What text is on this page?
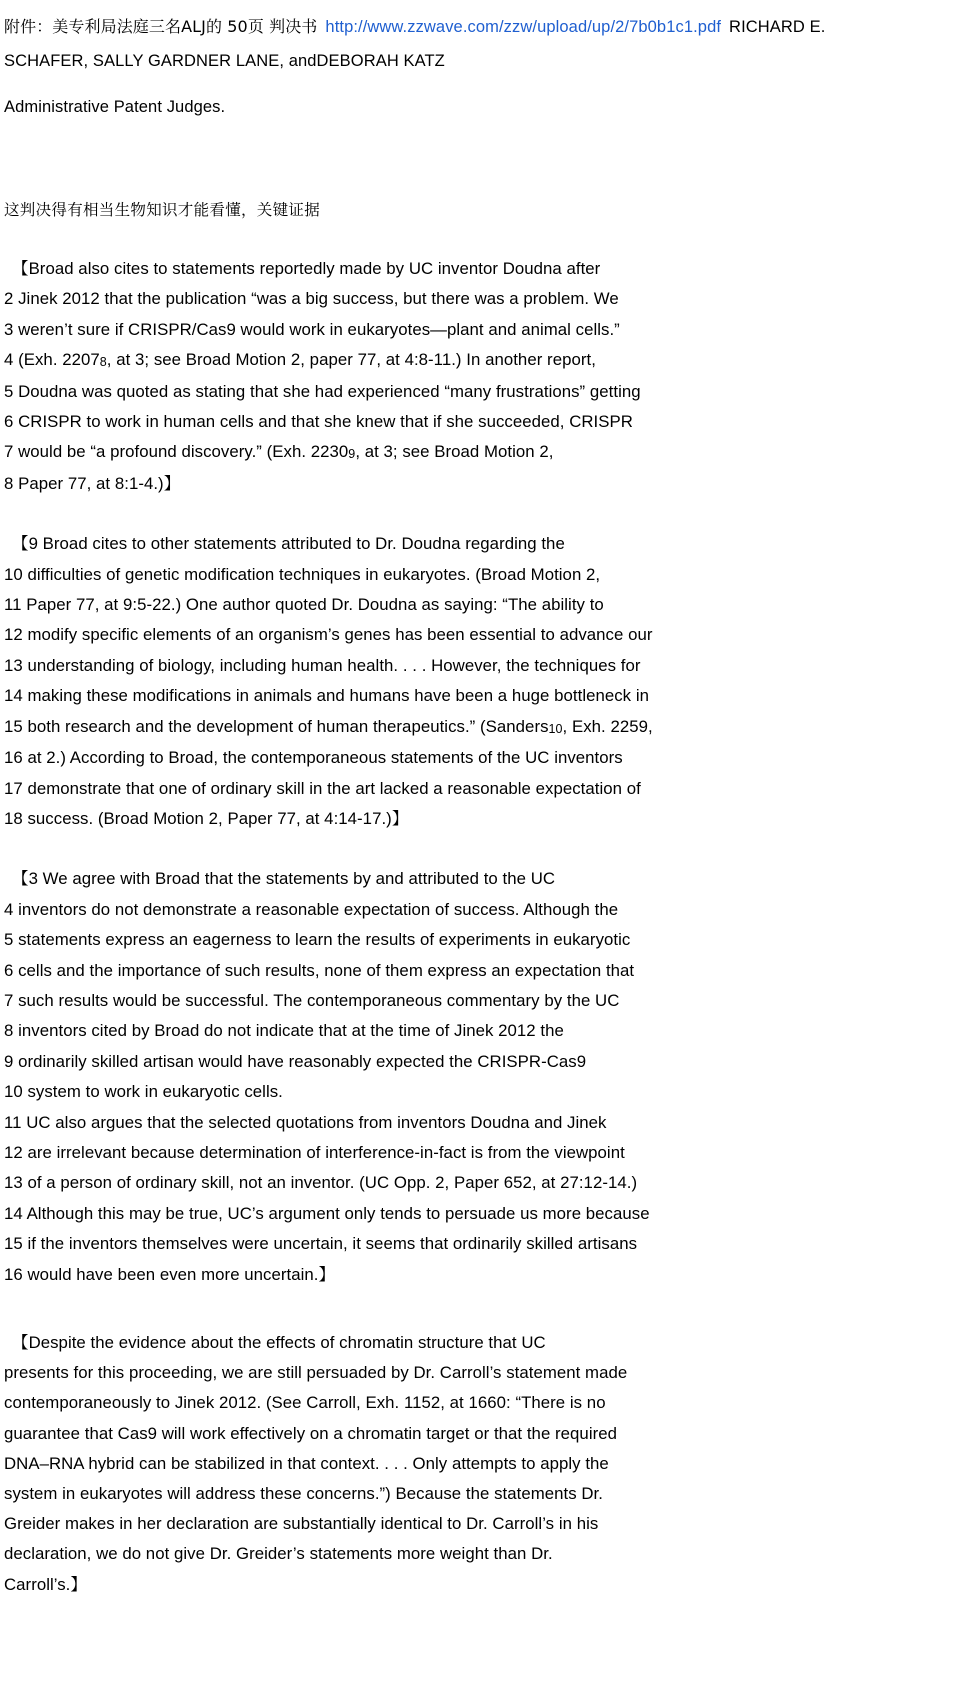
附件：美专利局法庭三名ALJ的 50页 判决书 http://www.zzwave.com/zzw/upload/up/2/7b0b1c1.pdf RICHARD E.
SCHAFER, SALLY GARDNER LANE, andDEBORAH KATZ
Administrative Patent Judges.
这判决得有相当生物知识才能看懂，关键证据
【Broad also cites to statements reportedly made by UC inventor Doudna after
2 Jinek 2012 that the publication “was a big success, but there was a problem. We
3 weren’t sure if CRISPR/Cas9 would work in eukaryotes—plant and animal cells.”
4 (Exh. 22078, at 3; see Broad Motion 2, paper 77, at 4:8-11.) In another report,
5 Doudna was quoted as stating that she had experienced “many frustrations” getting
6 CRISPR to work in human cells and that she knew that if she succeeded, CRISPR
7 would be “a profound discovery.” (Exh. 22309, at 3; see Broad Motion 2,
8 Paper 77, at 8:1-4.)】
【9 Broad cites to other statements attributed to Dr. Doudna regarding the
10 difficulties of genetic modification techniques in eukaryotes. (Broad Motion 2,
11 Paper 77, at 9:5-22.) One author quoted Dr. Doudna as saying: “The ability to
12 modify specific elements of an organism’s genes has been essential to advance our
13 understanding of biology, including human health. . . . However, the techniques for
14 making these modifications in animals and humans have been a huge bottleneck in
15 both research and the development of human therapeutics.” (Sanders10, Exh. 2259,
16 at 2.) According to Broad, the contemporaneous statements of the UC inventors
17 demonstrate that one of ordinary skill in the art lacked a reasonable expectation of
18 success. (Broad Motion 2, Paper 77, at 4:14-17.)】
【3 We agree with Broad that the statements by and attributed to the UC
4 inventors do not demonstrate a reasonable expectation of success. Although the
5 statements express an eagerness to learn the results of experiments in eukaryotic
6 cells and the importance of such results, none of them express an expectation that
7 such results would be successful. The contemporaneous commentary by the UC
8 inventors cited by Broad do not indicate that at the time of Jinek 2012 the
9 ordinarily skilled artisan would have reasonably expected the CRISPR-Cas9
10 system to work in eukaryotic cells.
11 UC also argues that the selected quotations from inventors Doudna and Jinek
12 are irrelevant because determination of interference-in-fact is from the viewpoint
13 of a person of ordinary skill, not an inventor. (UC Opp. 2, Paper 652, at 27:12-14.)
14 Although this may be true, UC’s argument only tends to persuade us more because
15 if the inventors themselves were uncertain, it seems that ordinarily skilled artisans
16 would have been even more uncertain.】
【Despite the evidence about the effects of chromatin structure that UC
presents for this proceeding, we are still persuaded by Dr. Carroll’s statement made
contemporaneously to Jinek 2012. (See Carroll, Exh. 1152, at 1660: “There is no
guarantee that Cas9 will work effectively on a chromatin target or that the required
DNA–RNA hybrid can be stabilized in that context. . . . Only attempts to apply the
system in eukaryotes will address these concerns.”) Because the statements Dr.
Greider makes in her declaration are substantially identical to Dr. Carroll’s in his
declaration, we do not give Dr. Greider’s statements more weight than Dr.
Carroll’s.】
